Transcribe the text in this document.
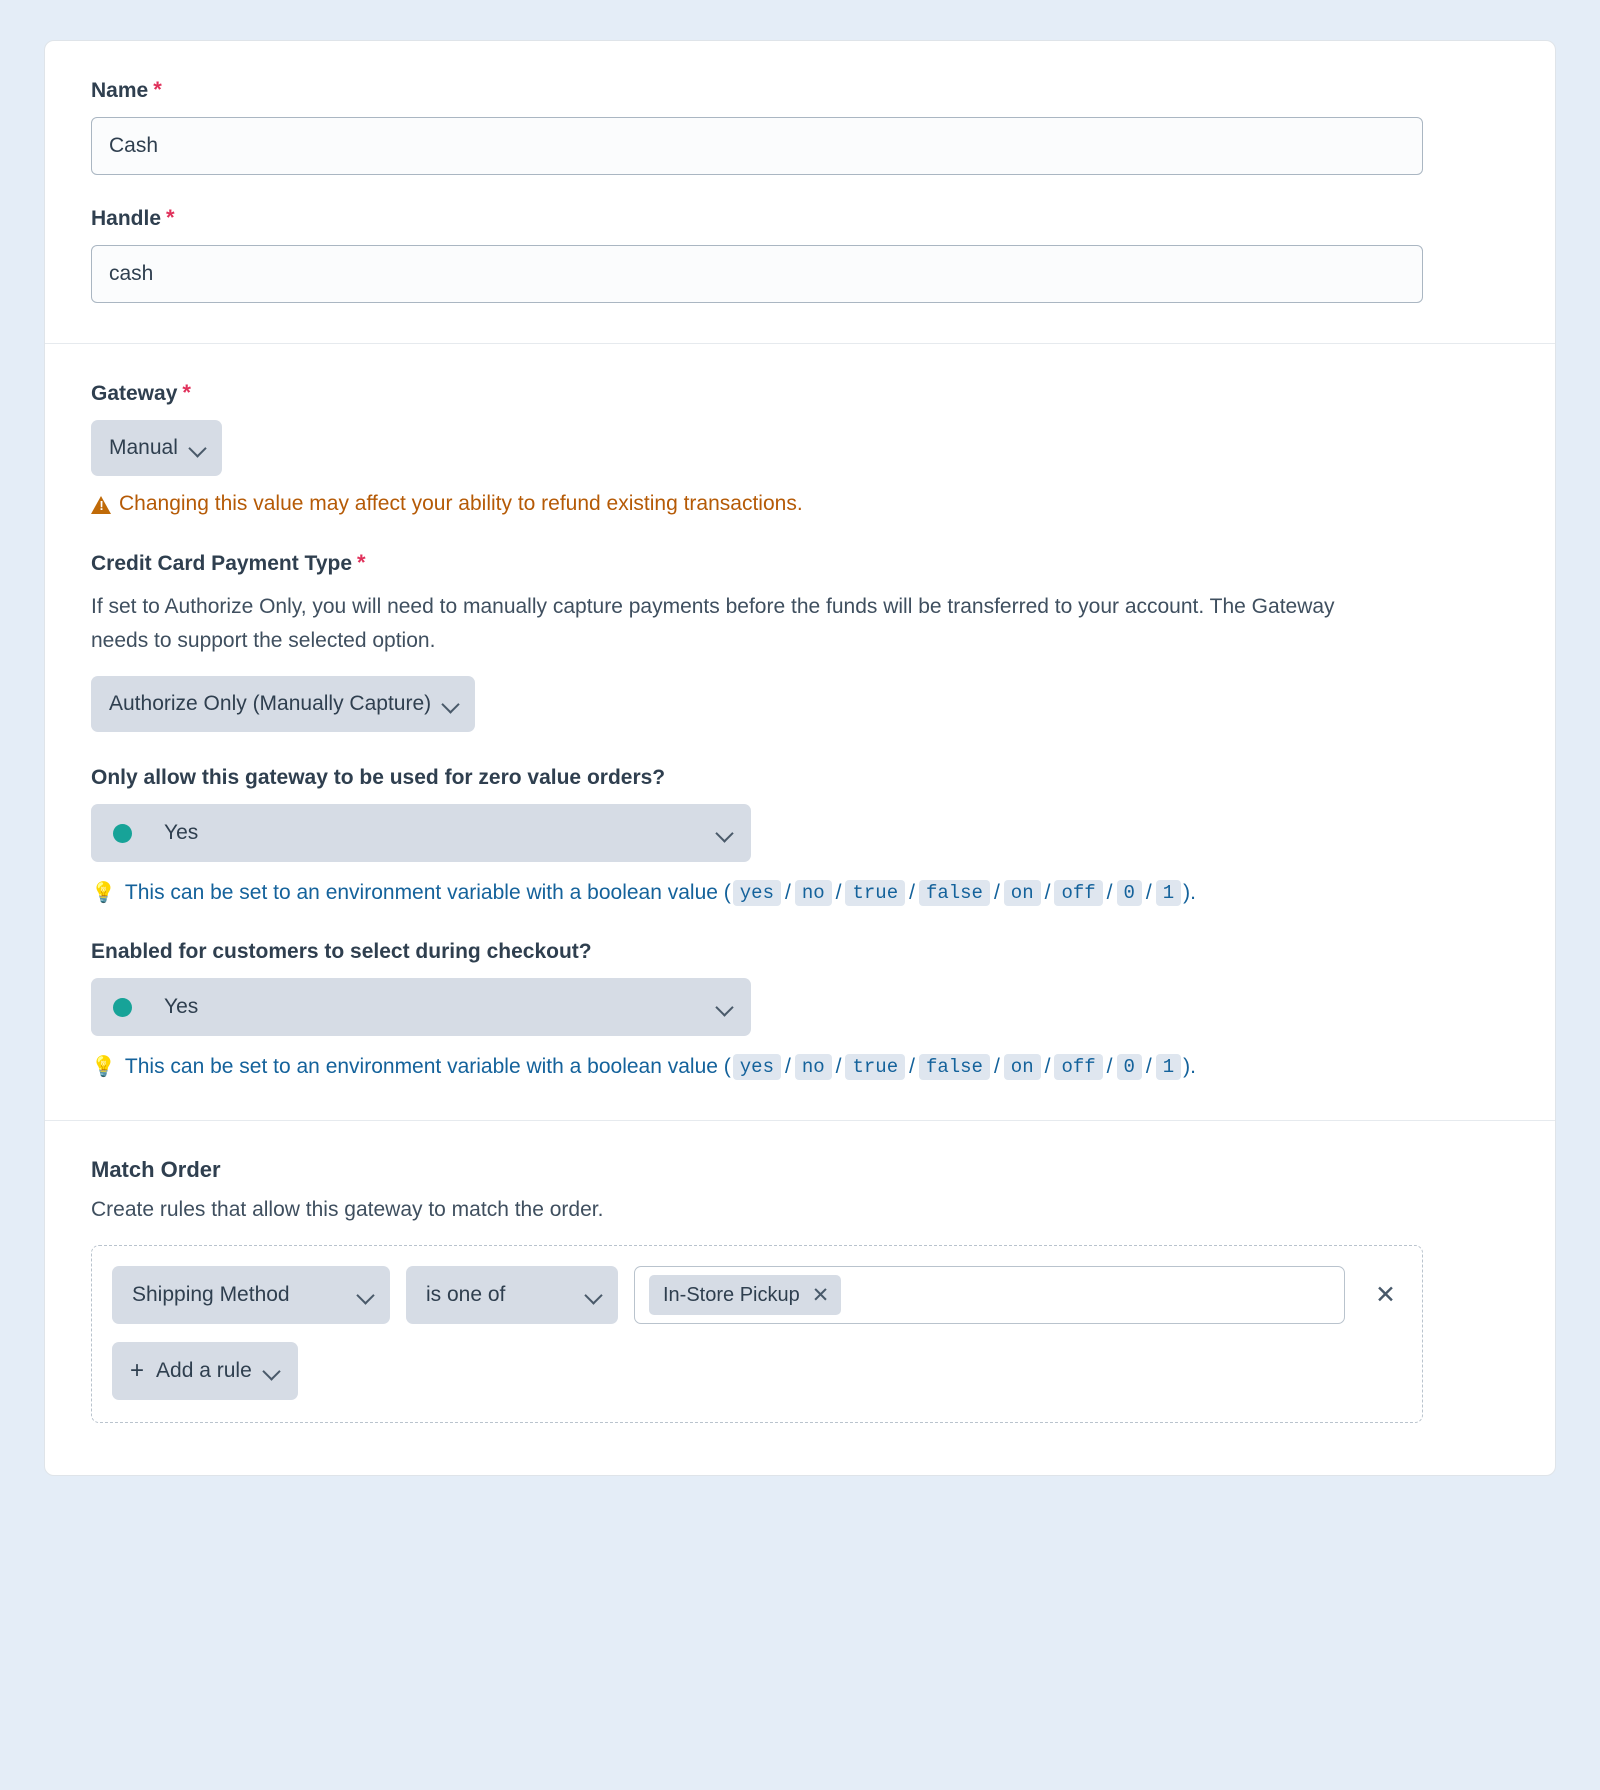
Name *
Cash
Handle *
cash
Gateway *
Manual
!
Changing this value may affect your ability to refund existing transactions.
Credit Card Payment Type *

If set to Authorize Only, you will need to manually capture payments before the funds will be transferred to your account. The Gateway needs to support the selected option.

Authorize Only (Manually Capture)
Only allow this gateway to be used for zero value orders?
Yes
💡 This can be set to an environment variable with a boolean value ( yes / no / true / false / on / off / 0 / 1 ).
Enabled for customers to select during checkout?
Yes
💡 This can be set to an environment variable with a boolean value ( yes / no / true / false / on / off / 0 / 1 ).
Match Order

Create rules that allow this gateway to match the order.

Shipping Method	is one of	In-Store Pickup ✕	✕
+ Add a rule
